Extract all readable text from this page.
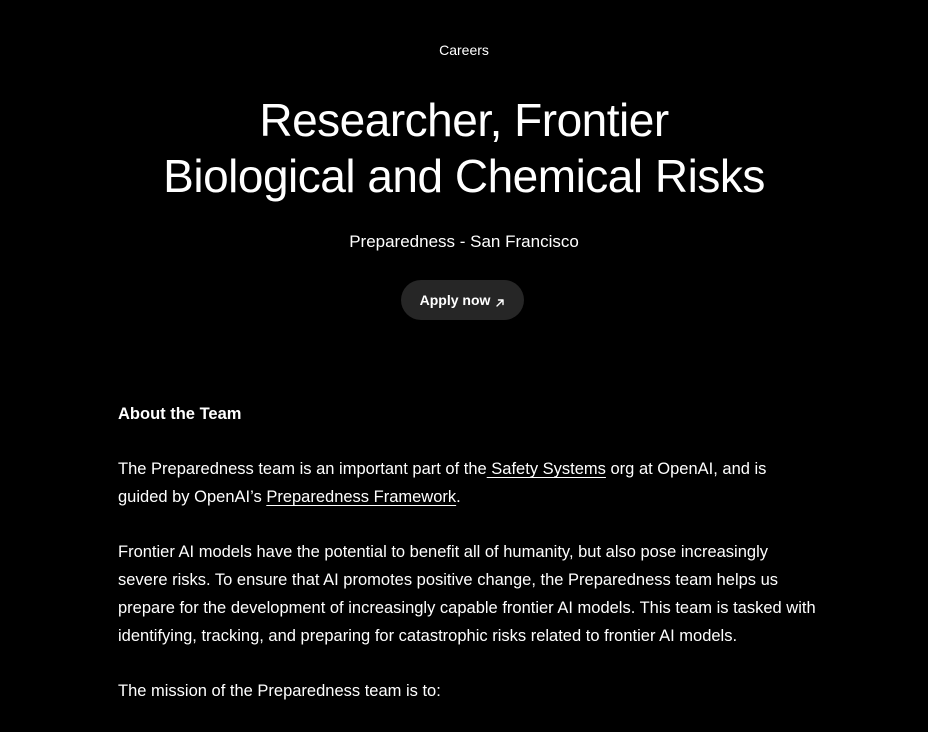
Careers
Researcher, Frontier
Biological and Chemical Risks
Preparedness - San Francisco
Apply now
About the Team

The Preparedness team is an important part of the Safety Systems org at OpenAI, and is guided by OpenAI’s Preparedness Framework.

Frontier AI models have the potential to benefit all of humanity, but also pose increasingly severe risks. To ensure that AI promotes positive change, the Preparedness team helps us prepare for the development of increasingly capable frontier AI models. This team is tasked with identifying, tracking, and preparing for catastrophic risks related to frontier AI models.

The mission of the Preparedness team is to:
